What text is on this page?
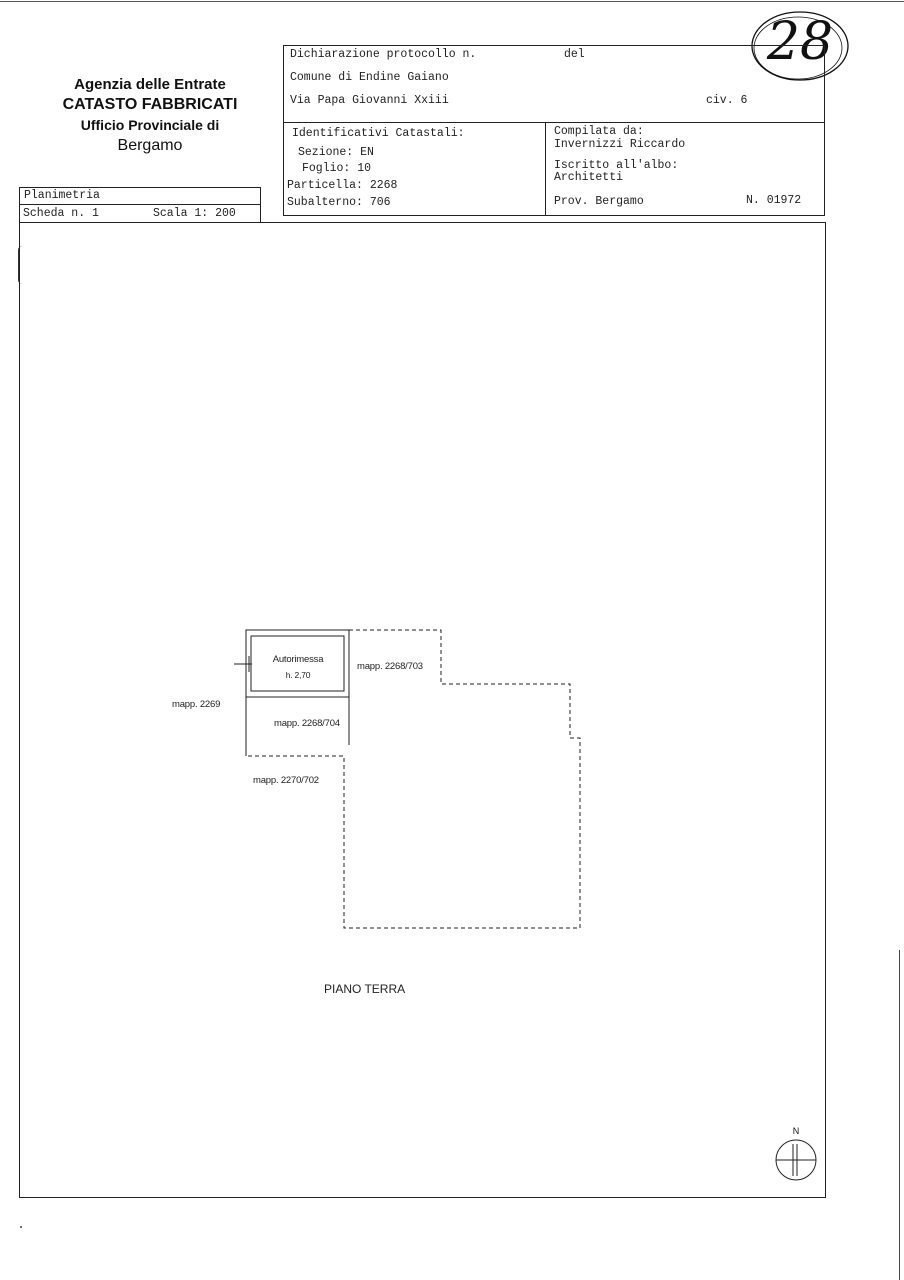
Agenzia delle Entrate
CATASTO FABBRICATI
Ufficio Provinciale di
Bergamo
28
Dichiarazione protocollo n.	del
Comune di Endine Gaiano
Via Papa Giovanni Xxiii	civ. 6
Identificativi Catastali:
Sezione: EN
Foglio: 10
Particella: 2268
Subalterno: 706
Compilata da:
Invernizzi Riccardo
Iscritto all'albo:
Architetti
Prov. Bergamo	N. 01972
Planimetria
Scheda n. 1	Scala 1: 200
Autorimessa
h. 2,70
mapp. 2268/703
mapp. 2269
mapp. 2268/704
mapp. 2270/702
PIANO TERRA
N
